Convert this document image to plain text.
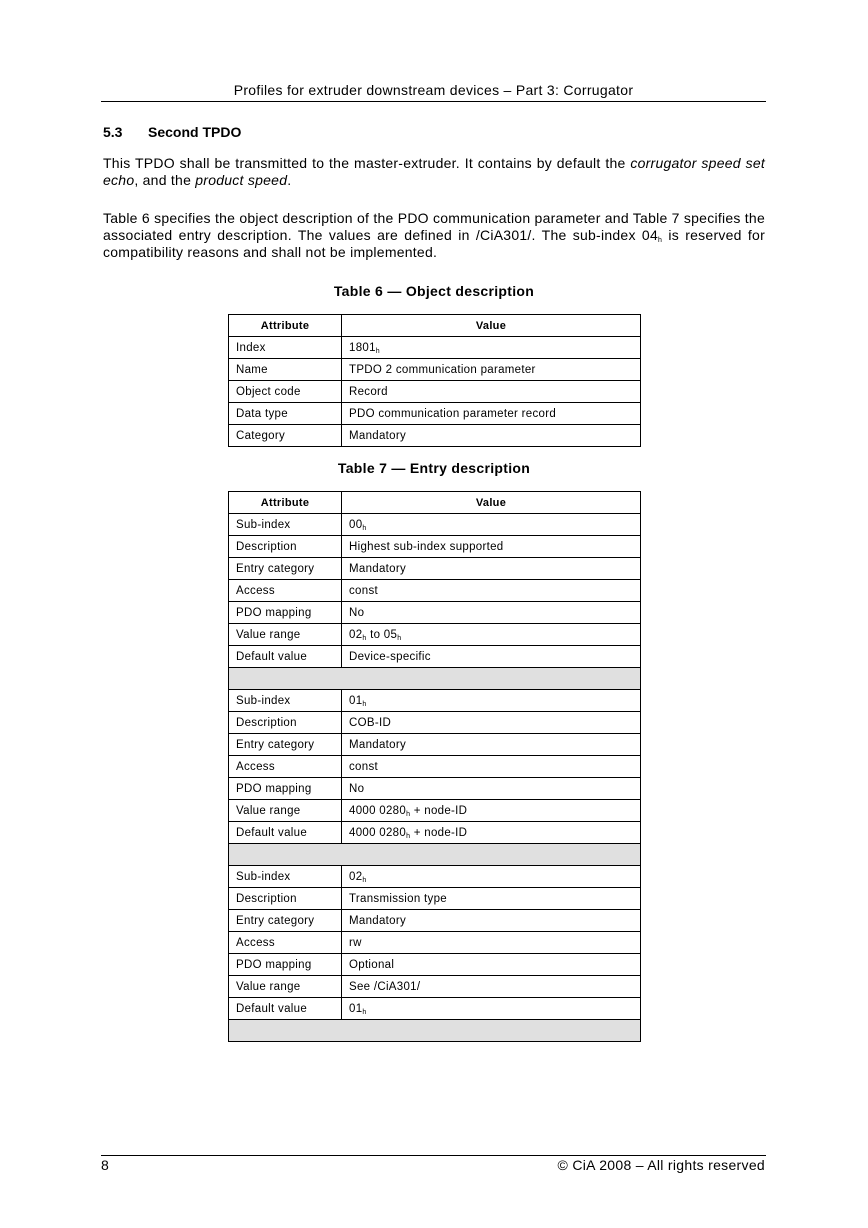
Profiles for extruder downstream devices – Part 3: Corrugator
5.3 Second TPDO
This TPDO shall be transmitted to the master-extruder. It contains by default the corrugator speed set echo, and the product speed.
Table 6 specifies the object description of the PDO communication parameter and Table 7 specifies the associated entry description. The values are defined in /CiA301/. The sub-index $04_h$ is reserved for compatibility reasons and shall not be implemented.
Table 6 — Object description
Attribute	Value
Index	$1801_h$
Name	TPDO 2 communication parameter
Object code	Record
Data type	PDO communication parameter record
Category	Mandatory
Table 7 — Entry description
Attribute	Value
Sub-index	$00_h$
Description	Highest sub-index supported
Entry category	Mandatory
Access	const
PDO mapping	No
Value range	$02_h$ to $05_h$
Default value	Device-specific

Sub-index	$01_h$
Description	COB-ID
Entry category	Mandatory
Access	const
PDO mapping	No
Value range	4000 $0280_h$ + node-ID
Default value	4000 $0280_h$ + node-ID

Sub-index	$02_h$
Description	Transmission type
Entry category	Mandatory
Access	rw
PDO mapping	Optional
Value range	See /CiA301/
Default value	$01_h$

8	© CiA 2008 – All rights reserved
